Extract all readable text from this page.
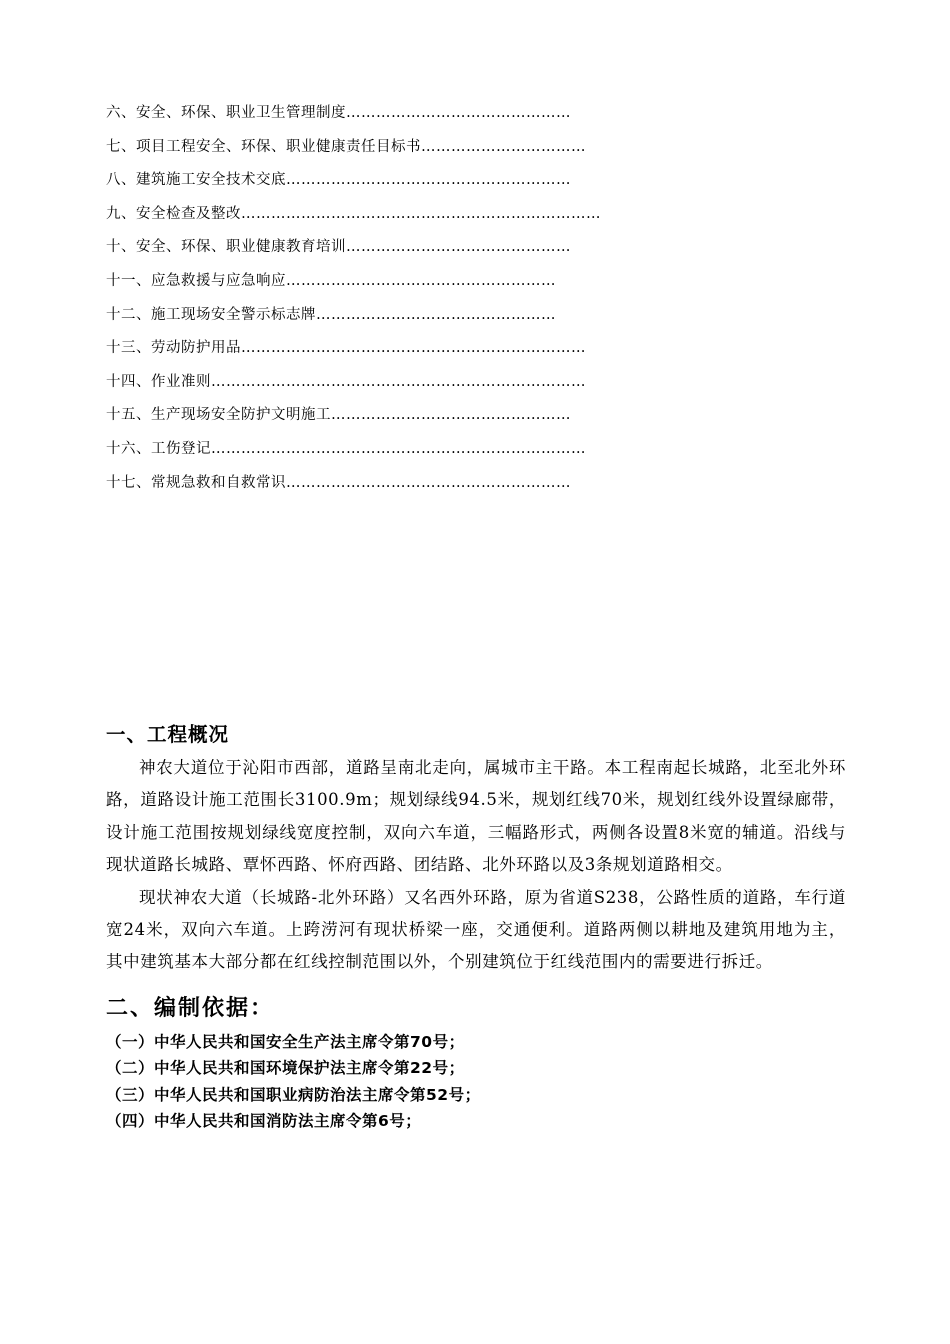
六、安全、环保、职业卫生管理制度………………………………………
七、项目工程安全、环保、职业健康责任目标书……………………………
八、建筑施工安全技术交底…………………………………………………
九、安全检查及整改………………………………………………………………
十、安全、环保、职业健康教育培训………………………………………
十一、应急救援与应急响应………………………………………………
十二、施工现场安全警示标志牌…………………………………………
十三、劳动防护用品……………………………………………………………
十四、作业准则…………………………………………………………………
十五、生产现场安全防护文明施工…………………………………………
十六、工伤登记…………………………………………………………………
十七、常规急救和自救常识…………………………………………………
一、工程概况

神农大道位于沁阳市西部，道路呈南北走向，属城市主干路。本工程南起长城路，北至北外环路，道路设计施工范围长3100.9m；规划绿线94.5米，规划红线70米，规划红线外设置绿廊带，设计施工范围按规划绿线宽度控制，双向六车道，三幅路形式，两侧各设置8米宽的辅道。沿线与现状道路长城路、覃怀西路、怀府西路、团结路、北外环路以及3条规划道路相交。

现状神农大道（长城路-北外环路）又名西外环路，原为省道S238，公路性质的道路，车行道宽24米，双向六车道。上跨涝河有现状桥梁一座，交通便利。道路两侧以耕地及建筑用地为主，其中建筑基本大部分都在红线控制范围以外，个别建筑位于红线范围内的需要进行拆迁。

二、编制依据：
（一）中华人民共和国安全生产法主席令第70号；
（二）中华人民共和国环境保护法主席令第22号；
（三）中华人民共和国职业病防治法主席令第52号；
（四）中华人民共和国消防法主席令第6号；
